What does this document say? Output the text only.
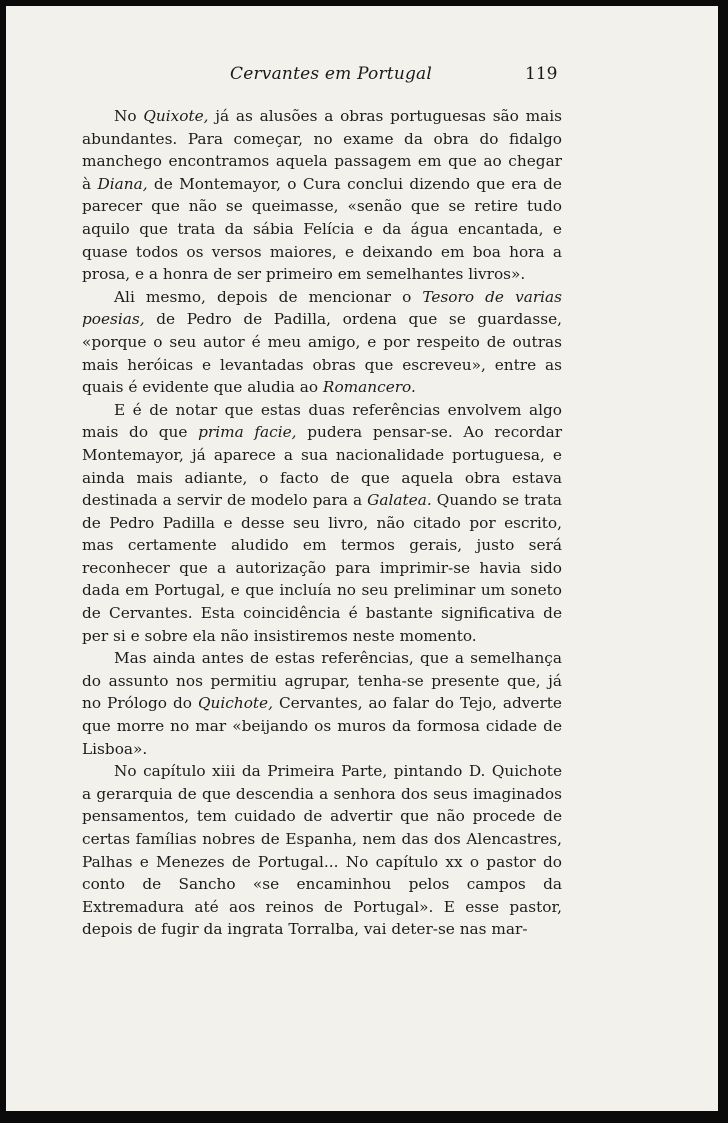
Cervantes em Portugal	119

No Quixote, já as alusões a obras portuguesas são mais abundantes. Para começar, no exame da obra do fidalgo manchego encontramos aquela passagem em que ao chegar à Diana, de Montemayor, o Cura conclui dizendo que era de parecer que não se queimasse, «senão que se retire tudo aquilo que trata da sábia Felícia e da água encantada, e quase todos os versos maiores, e deixando em boa hora a prosa, e a honra de ser primeiro em semelhantes livros».

Ali mesmo, depois de mencionar o Tesoro de varias poesias, de Pedro de Padilla, ordena que se guardasse, «porque o seu autor é meu amigo, e por respeito de outras mais heróicas e levantadas obras que escreveu», entre as quais é evidente que aludia ao Romancero.

E é de notar que estas duas referências envolvem algo mais do que prima facie, pudera pensar-se. Ao recordar Montemayor, já aparece a sua nacionalidade portuguesa, e ainda mais adiante, o facto de que aquela obra estava destinada a servir de modelo para a Galatea. Quando se trata de Pedro Padilla e desse seu livro, não citado por escrito, mas certamente aludido em termos gerais, justo será reconhecer que a autorização para imprimir-se havia sido dada em Portugal, e que incluía no seu preliminar um soneto de Cervantes. Esta coincidência é bastante significativa de per si e sobre ela não insistiremos neste momento.

Mas ainda antes de estas referências, que a semelhança do assunto nos permitiu agrupar, tenha-se presente que, já no Prólogo do Quichote, Cervantes, ao falar do Tejo, adverte que morre no mar «beijando os muros da formosa cidade de Lisboa».

No capítulo xiii da Primeira Parte, pintando D. Quichote a gerarquia de que descendia a senhora dos seus imaginados pensamentos, tem cuidado de advertir que não procede de certas famílias nobres de Espanha, nem das dos Alencastres, Palhas e Menezes de Portugal... No capítulo xx o pastor do conto de Sancho «se encaminhou pelos campos da Extremadura até aos reinos de Portugal». E esse pastor, depois de fugir da ingrata Torralba, vai deter-se nas mar-
